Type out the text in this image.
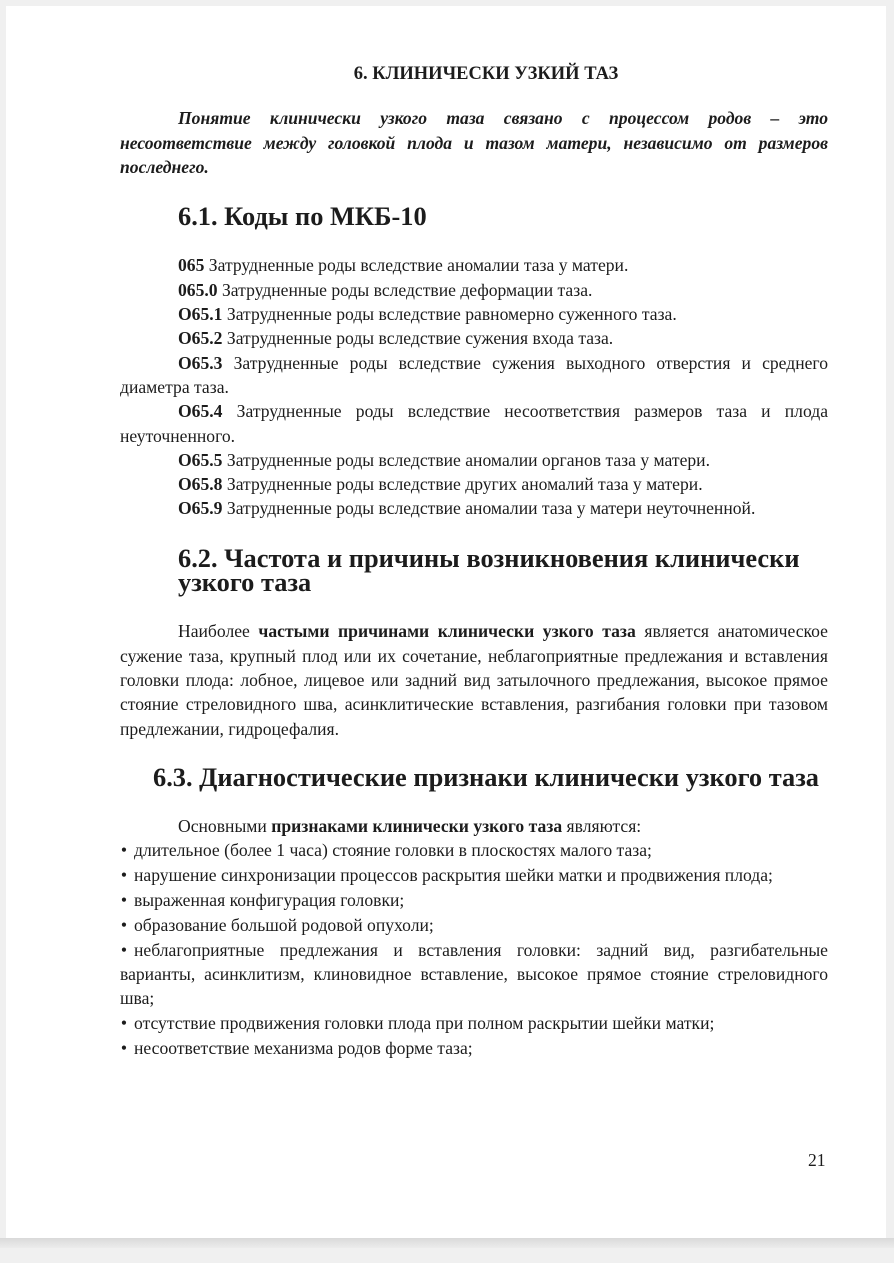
6. КЛИНИЧЕСКИ УЗКИЙ ТАЗ

Понятие клинически узкого таза связано с процессом родов – это несоответствие между головкой плода и тазом матери, независимо от размеров последнего.

6.1. Коды по МКБ-10

065 Затрудненные роды вследствие аномалии таза у матери.

065.0 Затрудненные роды вследствие деформации таза.

O65.1 Затрудненные роды вследствие равномерно суженного таза.

O65.2 Затрудненные роды вследствие сужения входа таза.

O65.3 Затрудненные роды вследствие сужения выходного отверстия и среднего диаметра таза.

O65.4 Затрудненные роды вследствие несоответствия размеров таза и плода неуточненного.

O65.5 Затрудненные роды вследствие аномалии органов таза у матери.

O65.8 Затрудненные роды вследствие других аномалий таза у матери.

O65.9 Затрудненные роды вследствие аномалии таза у матери неуточненной.

6.2. Частота и причины возникновения клинически узкого таза

Наиболее частыми причинами клинически узкого таза является анатомическое сужение таза, крупный плод или их сочетание, неблагоприятные предлежания и вставления головки плода: лобное, лицевое или задний вид затылочного предлежания, высокое прямое стояние стреловидного шва, асинклитические вставления, разгибания головки при тазовом предлежании, гидроцефалия.

6.3. Диагностические признаки клинически узкого таза

Основными признаками клинически узкого таза являются:

• длительное (более 1 часа) стояние головки в плоскостях малого таза;
• нарушение синхронизации процессов раскрытия шейки матки и продвижения плода;
• выраженная конфигурация головки;
• образование большой родовой опухоли;
• неблагоприятные предлежания и вставления головки: задний вид, разгибательные варианты, асинклитизм, клиновидное вставление, высокое прямое стояние стреловидного шва;
• отсутствие продвижения головки плода при полном раскрытии шейки матки;
• несоответствие механизма родов форме таза;
21
